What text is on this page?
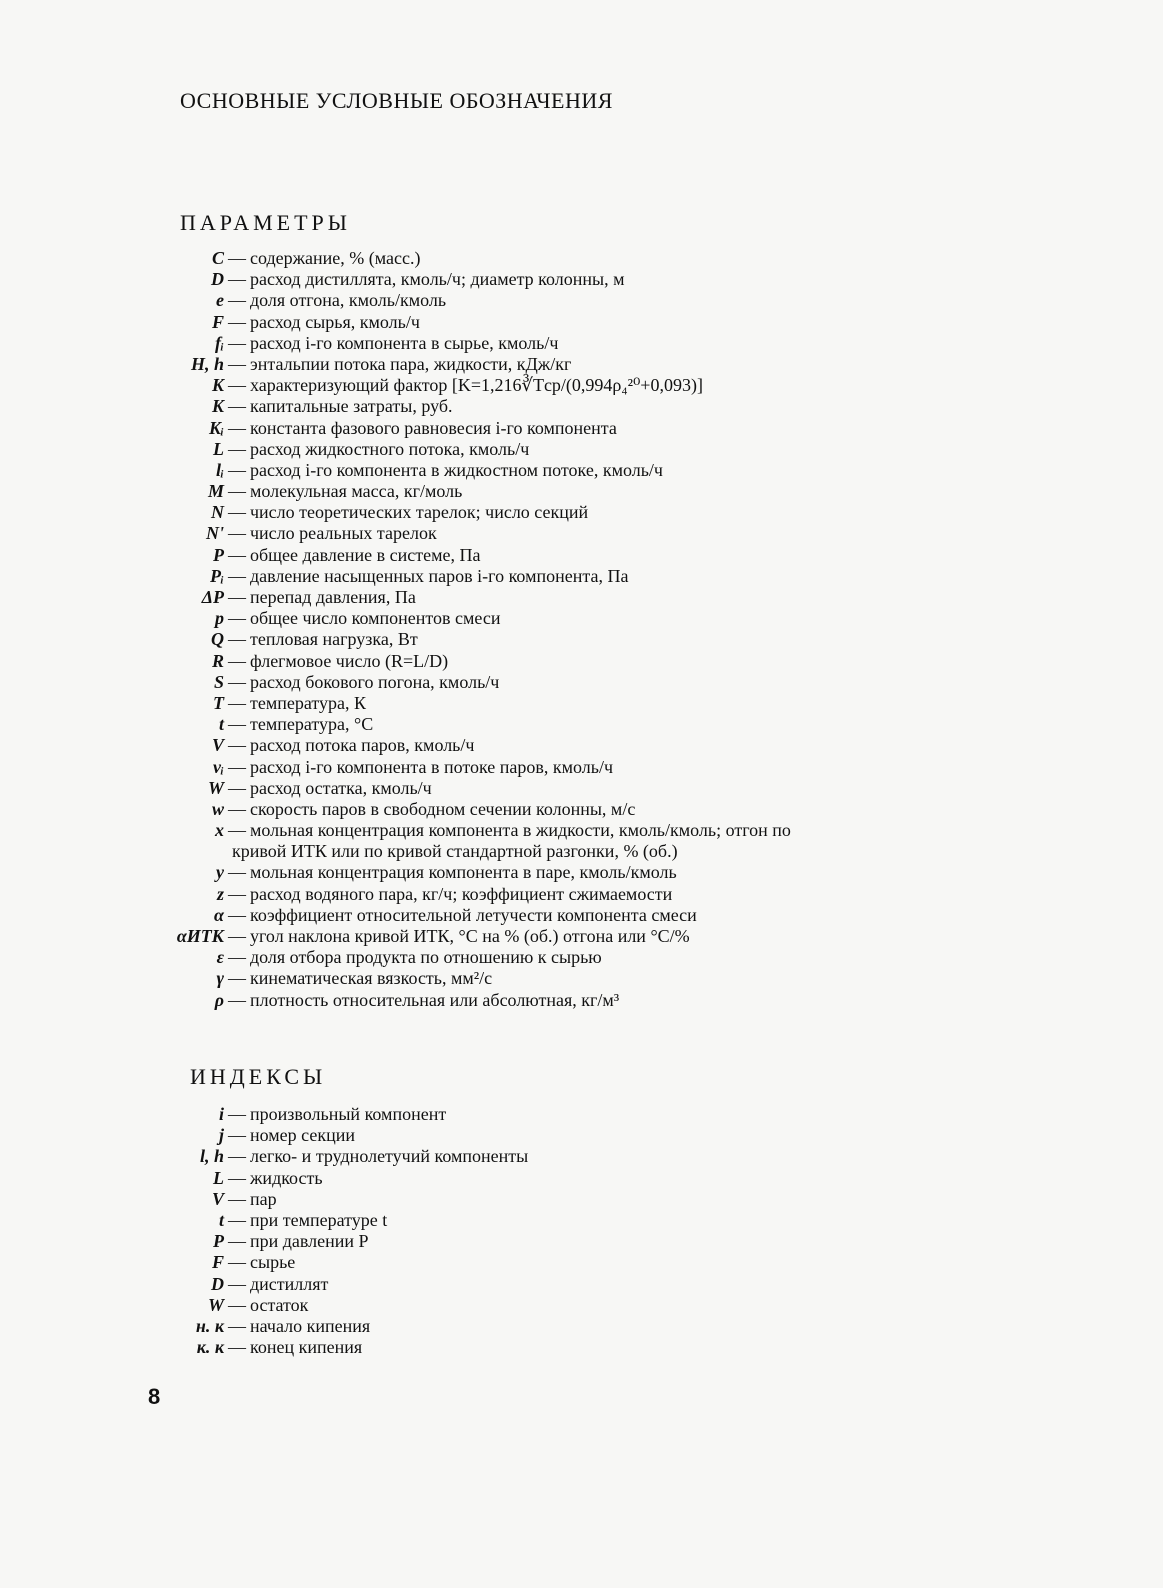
ОСНОВНЫЕ УСЛОВНЫЕ ОБОЗНАЧЕНИЯ
ПАРАМЕТРЫ
C — содержание, % (масс.)
D — расход дистиллята, кмоль/ч; диаметр колонны, м
e — доля отгона, кмоль/кмоль
F — расход сырья, кмоль/ч
fᵢ — расход i-го компонента в сырье, кмоль/ч
H, h — энтальпии потока пара, жидкости, кДж/кг
K — характеризующий фактор [K=1,216∛Tср/(0,994ρ₄²⁰+0,093)]
K — капитальные затраты, руб.
Kᵢ — константа фазового равновесия i-го компонента
L — расход жидкостного потока, кмоль/ч
lᵢ — расход i-го компонента в жидкостном потоке, кмоль/ч
M — молекульная масса, кг/моль
N — число теоретических тарелок; число секций
N' — число реальных тарелок
P — общее давление в системе, Па
Pᵢ — давление насыщенных паров i-го компонента, Па
ΔP — перепад давления, Па
p — общее число компонентов смеси
Q — тепловая нагрузка, Вт
R — флегмовое число (R=L/D)
S — расход бокового погона, кмоль/ч
T — температура, К
t — температура, °С
V — расход потока паров, кмоль/ч
vᵢ — расход i-го компонента в потоке паров, кмоль/ч
W — расход остатка, кмоль/ч
w — скорость паров в свободном сечении колонны, м/с
x — мольная концентрация компонента в жидкости, кмоль/кмоль; отгон по
кривой ИТК или по кривой стандартной разгонки, % (об.)
y — мольная концентрация компонента в паре, кмоль/кмоль
z — расход водяного пара, кг/ч; коэффициент сжимаемости
α — коэффициент относительной летучести компонента смеси
αИТК — угол наклона кривой ИТК, °С на % (об.) отгона или °С/%
ε — доля отбора продукта по отношению к сырью
γ — кинематическая вязкость, мм²/с
ρ — плотность относительная или абсолютная, кг/м³
ИНДЕКСЫ
i — произвольный компонент
j — номер секции
l, h — легко- и труднолетучий компоненты
L — жидкость
V — пар
t — при температуре t
P — при давлении P
F — сырье
D — дистиллят
W — остаток
н. к — начало кипения
к. к — конец кипения
8
